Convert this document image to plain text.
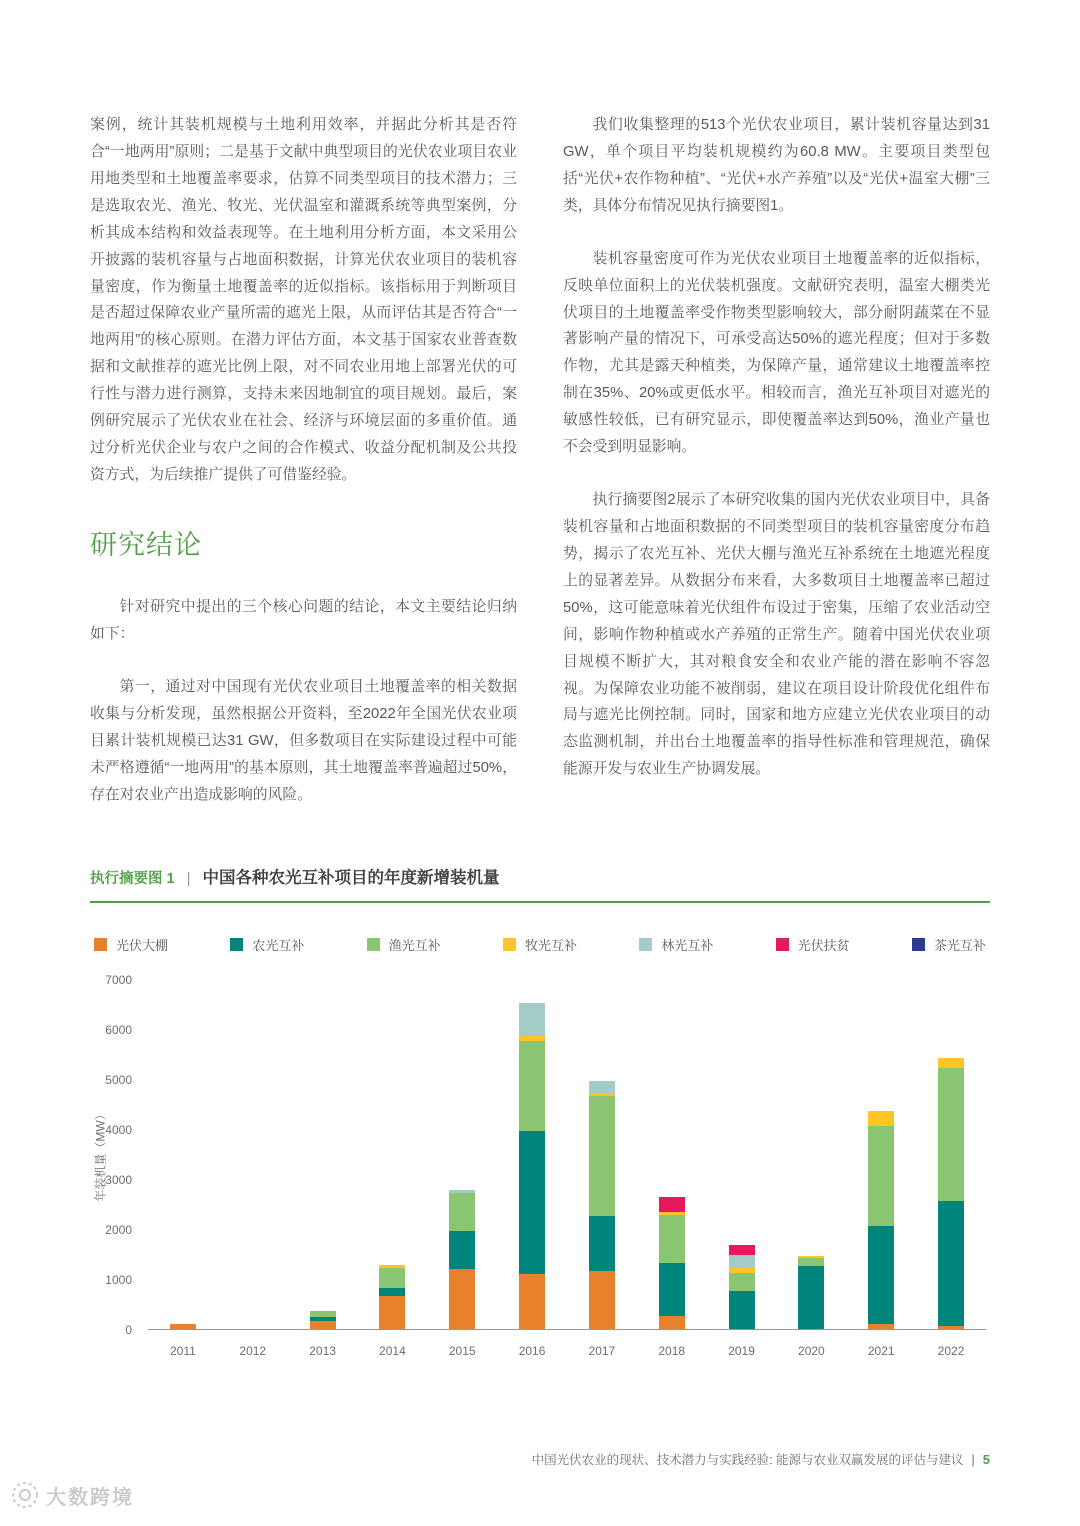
案例，统计其装机规模与土地利用效率，并据此分析其是否符合“一地两用”原则；二是基于文献中典型项目的光伏农业项目农业用地类型和土地覆盖率要求，估算不同类型项目的技术潜力；三是选取农光、渔光、牧光、光伏温室和灌溉系统等典型案例，分析其成本结构和效益表现等。在土地利用分析方面，本文采用公开披露的装机容量与占地面积数据，计算光伏农业项目的装机容量密度，作为衡量土地覆盖率的近似指标。该指标用于判断项目是否超过保障农业产量所需的遮光上限，从而评估其是否符合“一地两用”的核心原则。在潜力评估方面，本文基于国家农业普查数据和文献推荐的遮光比例上限，对不同农业用地上部署光伏的可行性与潜力进行测算，支持未来因地制宜的项目规划。最后，案例研究展示了光伏农业在社会、经济与环境层面的多重价值。通过分析光伏企业与农户之间的合作模式、收益分配机制及公共投资方式，为后续推广提供了可借鉴经验。

研究结论

针对研究中提出的三个核心问题的结论，本文主要结论归纳如下：

第一，通过对中国现有光伏农业项目土地覆盖率的相关数据收集与分析发现，虽然根据公开资料，至2022年全国光伏农业项目累计装机规模已达31 GW，但多数项目在实际建设过程中可能未严格遵循“一地两用”的基本原则，其土地覆盖率普遍超过50%，存在对农业产出造成影响的风险。

我们收集整理的513个光伏农业项目，累计装机容量达到31 GW，单个项目平均装机规模约为60.8 MW。主要项目类型包括“光伏+农作物种植”、“光伏+水产养殖”以及“光伏+温室大棚”三类，具体分布情况见执行摘要图1。

装机容量密度可作为光伏农业项目土地覆盖率的近似指标，反映单位面积上的光伏装机强度。文献研究表明，温室大棚类光伏项目的土地覆盖率受作物类型影响较大，部分耐阴蔬菜在不显著影响产量的情况下，可承受高达50%的遮光程度；但对于多数作物，尤其是露天种植类，为保障产量，通常建议土地覆盖率控制在35%、20%或更低水平。相较而言，渔光互补项目对遮光的敏感性较低，已有研究显示，即使覆盖率达到50%，渔业产量也不会受到明显影响。

执行摘要图2展示了本研究收集的国内光伏农业项目中，具备装机容量和占地面积数据的不同类型项目的装机容量密度分布趋势，揭示了农光互补、光伏大棚与渔光互补系统在土地遮光程度上的显著差异。从数据分布来看，大多数项目土地覆盖率已超过50%，这可能意味着光伏组件布设过于密集，压缩了农业活动空间，影响作物种植或水产养殖的正常生产。随着中国光伏农业项目规模不断扩大，其对粮食安全和农业产能的潜在影响不容忽视。为保障农业功能不被削弱，建议在项目设计阶段优化组件布局与遮光比例控制。同时，国家和地方应建立光伏农业项目的动态监测机制，并出台土地覆盖率的指导性标准和管理规范，确保能源开发与农业生产协调发展。

执行摘要图 1 | 中国各种农光互补项目的年度新增装机量
光伏大棚	农光互补	渔光互补	牧光互补	林光互补	光伏扶贫	茶光互补
年装机量（MW）
0
1000
2000
3000
4000
5000
6000
7000
2011	2012	2013	2014	2015	2016	2017	2018	2019	2020	2021	2022
中国光伏农业的现状、技术潜力与实践经验: 能源与农业双赢发展的评估与建议 | 5
大数跨境
